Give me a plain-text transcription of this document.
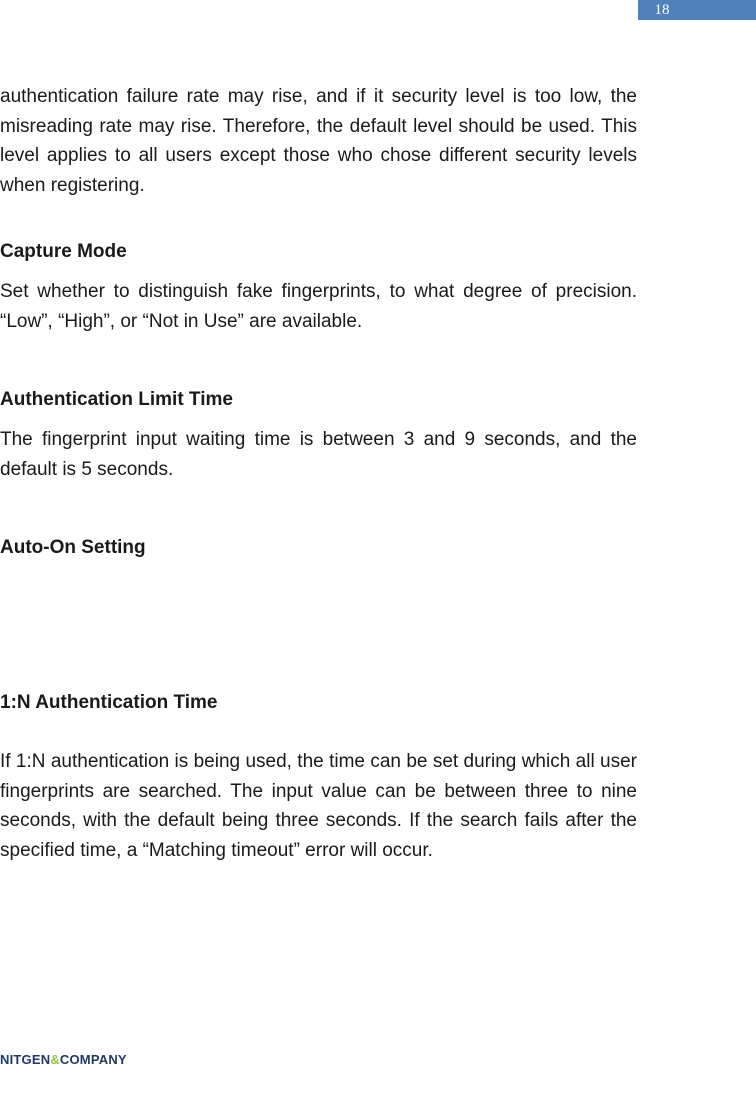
18

authentication failure rate may rise, and if it security level is too low, the misreading rate may rise. Therefore, the default level should be used. This level applies to all users except those who chose different security levels when registering.

Capture Mode

Set whether to distinguish fake fingerprints, to what degree of precision. “Low”, “High”, or “Not in Use” are available.

Authentication Limit Time

The fingerprint input waiting time is between 3 and 9 seconds, and the default is 5 seconds.

Auto-On Setting
1:N Authentication Time

If 1:N authentication is being used, the time can be set during which all user fingerprints are searched. The input value can be between three to nine seconds, with the default being three seconds. If the search fails after the specified time, a “Matching timeout” error will occur.

NITGEN&COMPANY
